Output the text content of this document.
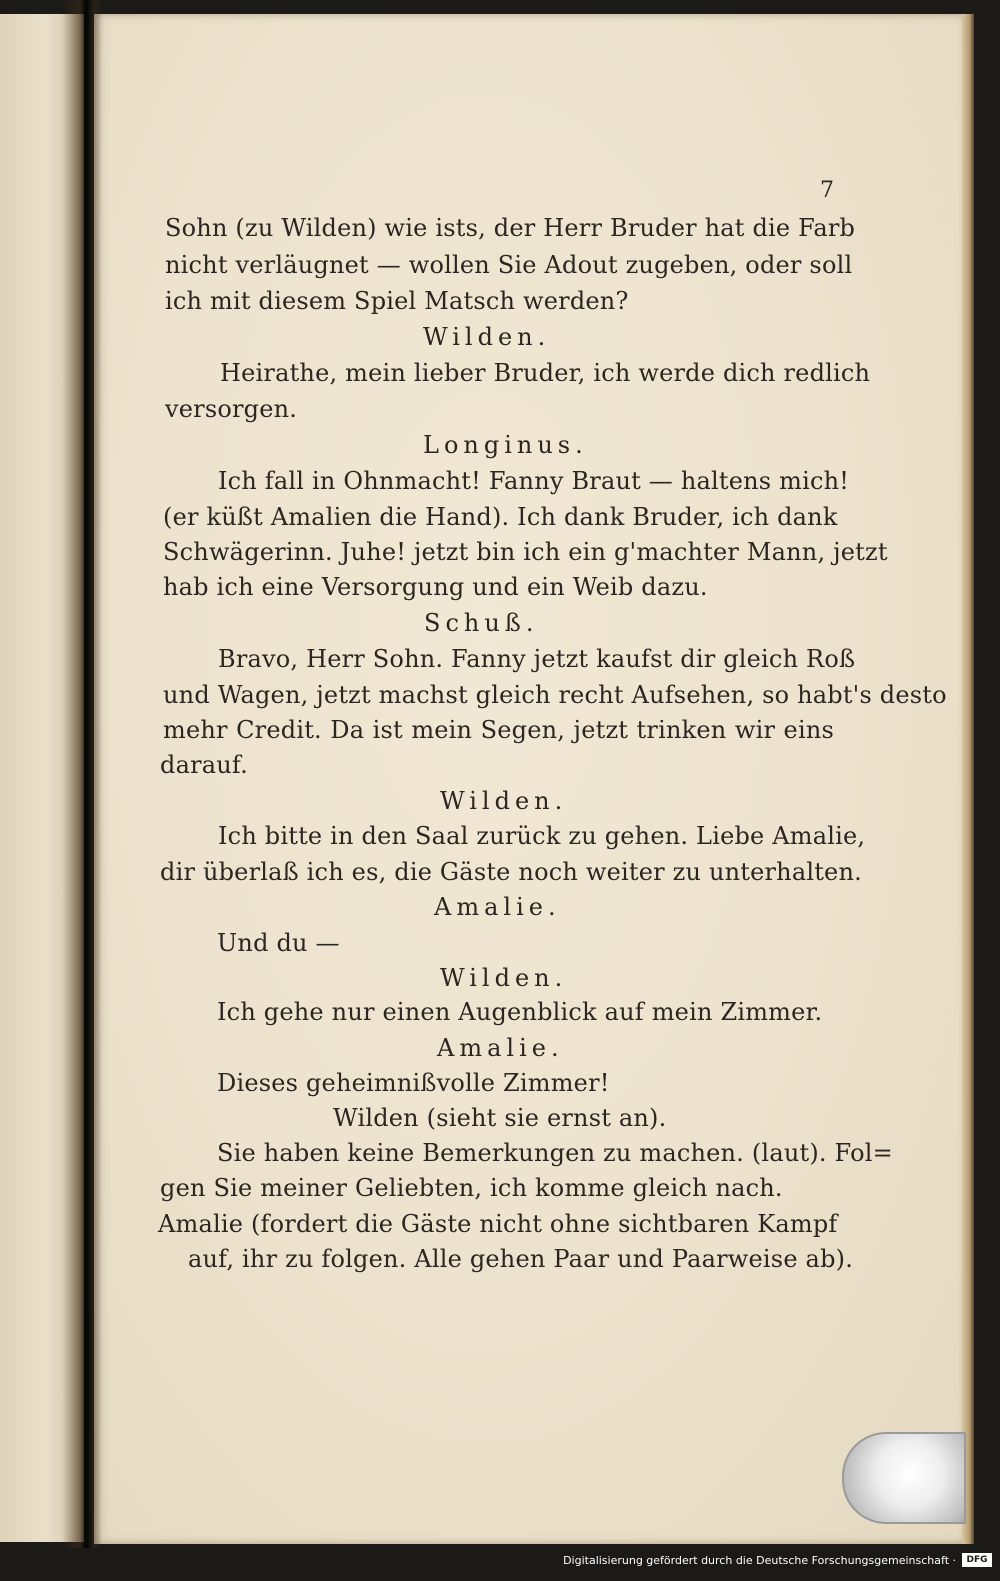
7
Sohn (zu Wilden) wie ists, der Herr Bruder hat die Farb
nicht verläugnet — wollen Sie Adout zugeben, oder soll
ich mit diesem Spiel Matsch werden?
Wilden.
Heirathe, mein lieber Bruder, ich werde dich redlich
versorgen.
Longinus.
Ich fall in Ohnmacht! Fanny Braut — haltens mich!
(er küßt Amalien die Hand). Ich dank Bruder, ich dank
Schwägerinn. Juhe! jetzt bin ich ein g'machter Mann, jetzt
hab ich eine Versorgung und ein Weib dazu.
Schuß.
Bravo, Herr Sohn. Fanny jetzt kaufst dir gleich Roß
und Wagen, jetzt machst gleich recht Aufsehen, so habt's desto
mehr Credit. Da ist mein Segen, jetzt trinken wir eins
darauf.
Wilden.
Ich bitte in den Saal zurück zu gehen. Liebe Amalie,
dir überlaß ich es, die Gäste noch weiter zu unterhalten.
Amalie.
Und du —
Wilden.
Ich gehe nur einen Augenblick auf mein Zimmer.
Amalie.
Dieses geheimnißvolle Zimmer!
Wilden (sieht sie ernst an).
Sie haben keine Bemerkungen zu machen. (laut). Fol=
gen Sie meiner Geliebten, ich komme gleich nach.
Amalie (fordert die Gäste nicht ohne sichtbaren Kampf
auf, ihr zu folgen. Alle gehen Paar und Paarweise ab).
Digitalisierung gefördert durch die Deutsche Forschungsgemeinschaft ·	DFG
